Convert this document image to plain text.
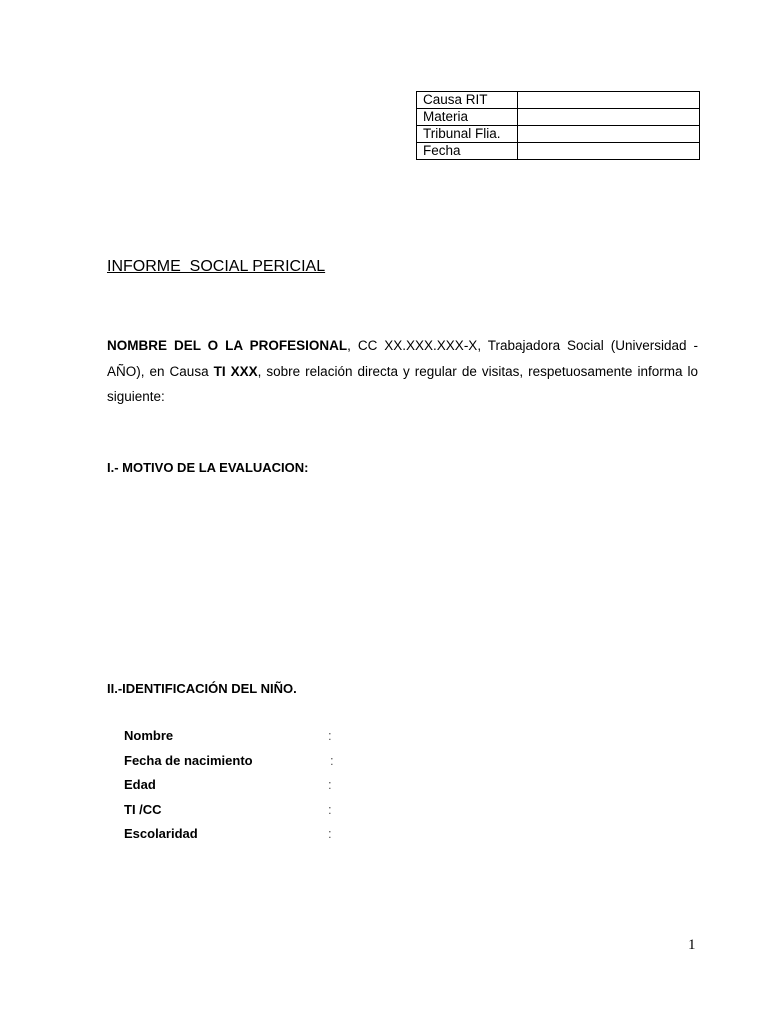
Causa RIT	
Materia	
Tribunal Flia.	
Fecha	
INFORME  SOCIAL PERICIAL

NOMBRE DEL O LA PROFESIONAL, CC XX.XXX.XXX-X, Trabajadora Social (Universidad - AÑO), en Causa TI XXX, sobre relación directa y regular de visitas, respetuosamente informa lo siguiente:

I.- MOTIVO DE LA EVALUACION:
II.-IDENTIFICACIÓN DEL NIÑO.
Nombre	:
Fecha de nacimiento	:
Edad	:
TI /CC	:
Escolaridad	:
1
